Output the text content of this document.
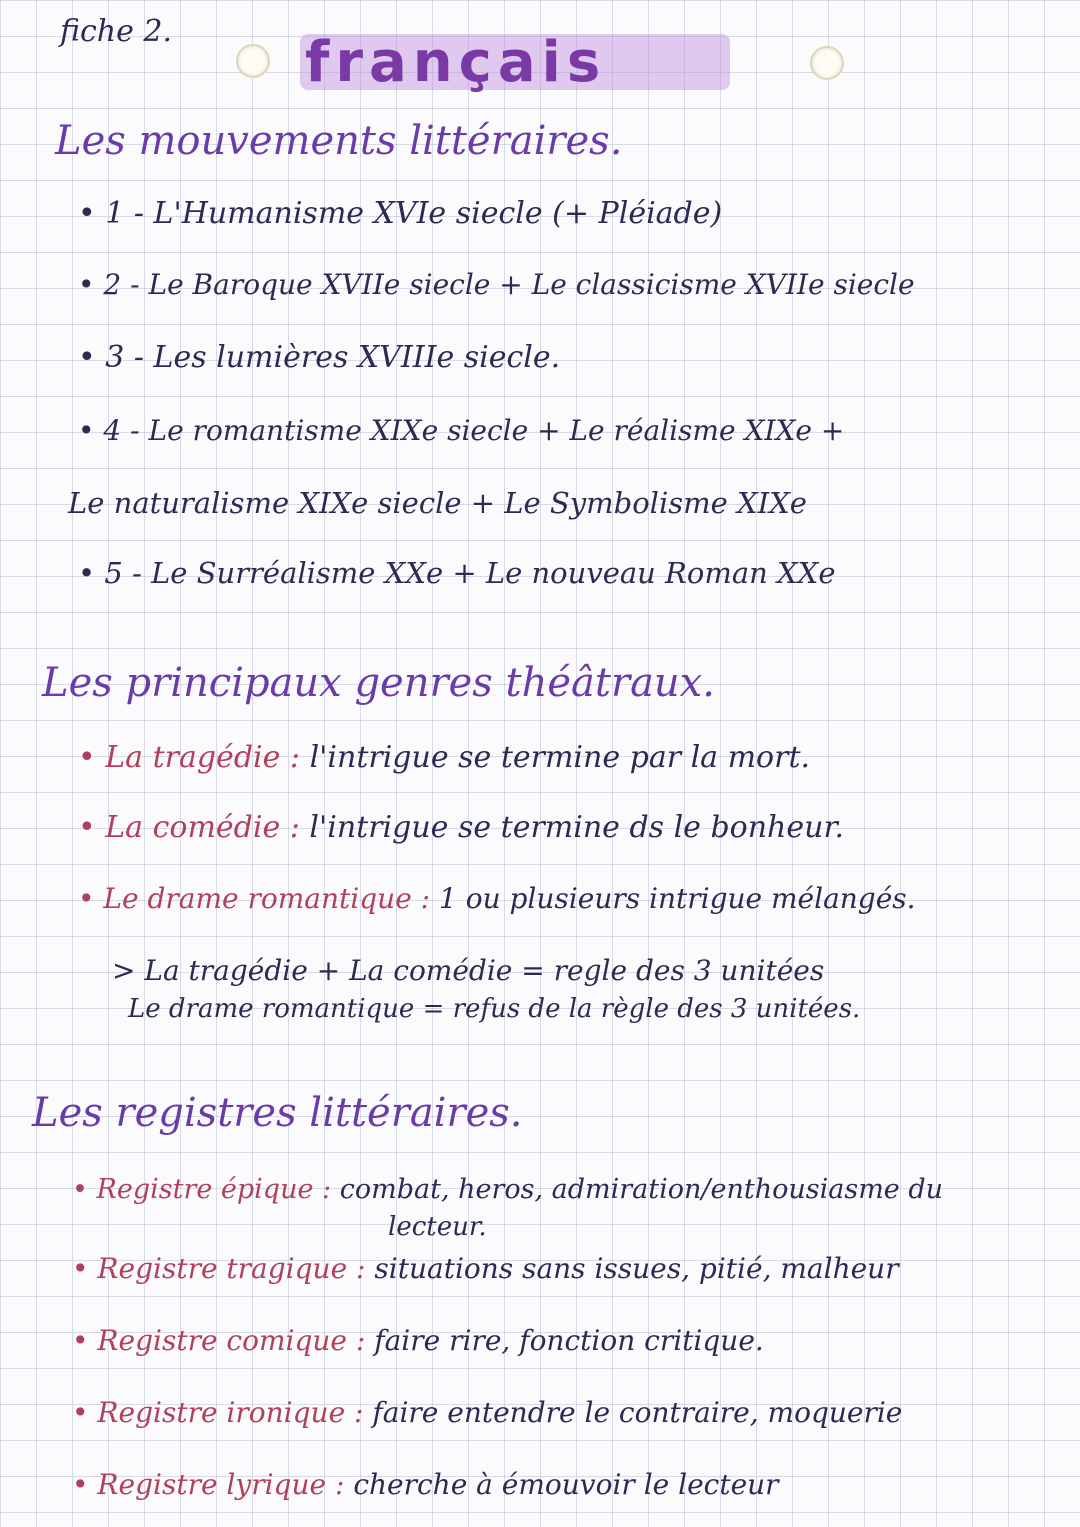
fiche 2. français
Les mouvements littéraires.
• 1 - L'Humanisme XVIe siecle (+ Pléiade)
• 2 - Le Baroque XVIIe siecle + Le classicisme XVIIe siecle
• 3 - Les lumières XVIIIe siecle.
• 4 - Le romantisme XIXe siecle + Le réalisme XIXe +
Le naturalisme XIXe siecle + Le Symbolisme XIXe
• 5 - Le Surréalisme XXe + Le nouveau Roman XXe
Les principaux genres théâtraux.
• La tragédie : l'intrigue se termine par la mort.
• La comédie : l'intrigue se termine ds le bonheur.
• Le drame romantique : 1 ou plusieurs intrigue mélangés.
> La tragédie + La comédie = regle des 3 unitées
Le drame romantique = refus de la règle des 3 unitées.
Les registres littéraires.
• Registre épique : combat, heros, admiration/enthousiasme du
lecteur.
• Registre tragique : situations sans issues, pitié, malheur
• Registre comique : faire rire, fonction critique.
• Registre ironique : faire entendre le contraire, moquerie
• Registre lyrique : cherche à émouvoir le lecteur
